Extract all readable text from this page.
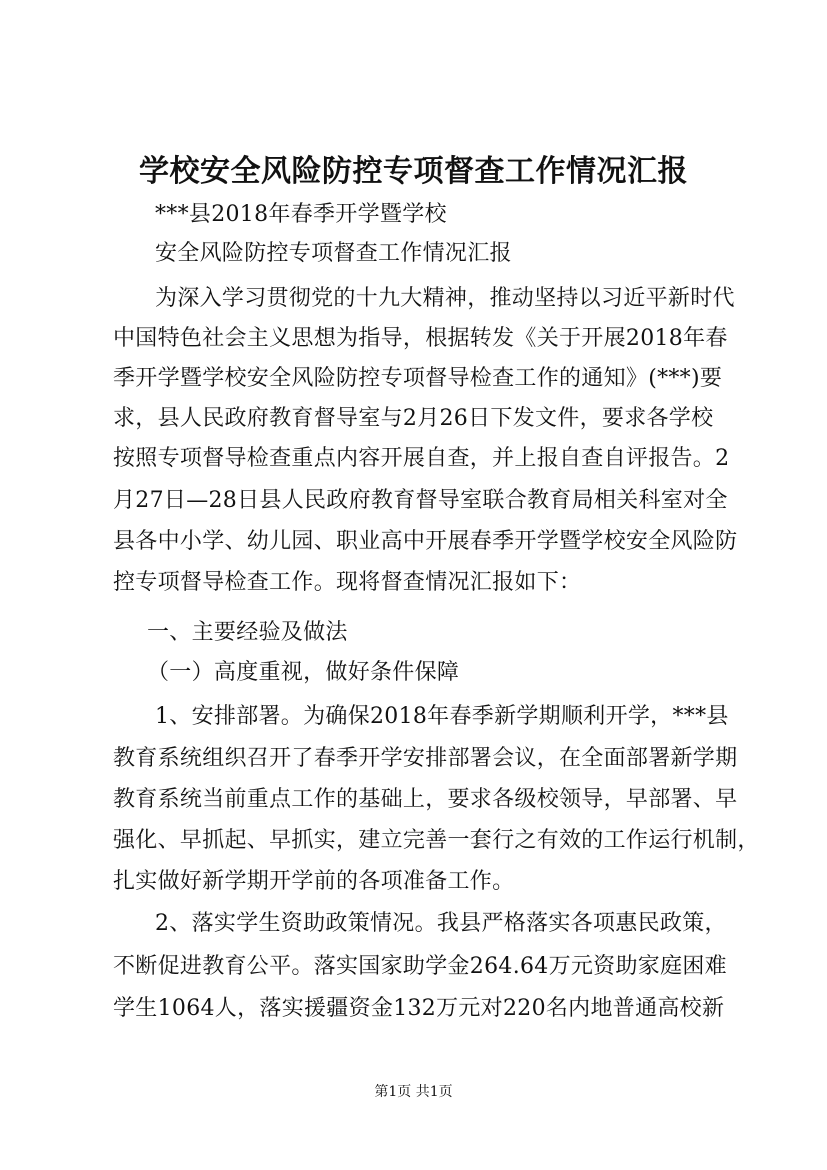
学校安全风险防控专项督查工作情况汇报
***县2018年春季开学暨学校
安全风险防控专项督查工作情况汇报
为深入学习贯彻党的十九大精神，推动坚持以习近平新时代
中国特色社会主义思想为指导，根据转发《关于开展2018年春
季开学暨学校安全风险防控专项督导检查工作的通知》(***)要
求，县人民政府教育督导室与2月26日下发文件，要求各学校
按照专项督导检查重点内容开展自查，并上报自查自评报告。2
月27日—28日县人民政府教育督导室联合教育局相关科室对全
县各中小学、幼儿园、职业高中开展春季开学暨学校安全风险防
控专项督导检查工作。现将督查情况汇报如下：
一、主要经验及做法
（一）高度重视，做好条件保障
1、安排部署。为确保2018年春季新学期顺利开学，***县
教育系统组织召开了春季开学安排部署会议，在全面部署新学期
教育系统当前重点工作的基础上，要求各级校领导，早部署、早
强化、早抓起、早抓实，建立完善一套行之有效的工作运行机制，
扎实做好新学期开学前的各项准备工作。
2、落实学生资助政策情况。我县严格落实各项惠民政策，
不断促进教育公平。落实国家助学金264.64万元资助家庭困难
学生1064人，落实援疆资金132万元对220名内地普通高校新
第1页 共1页
